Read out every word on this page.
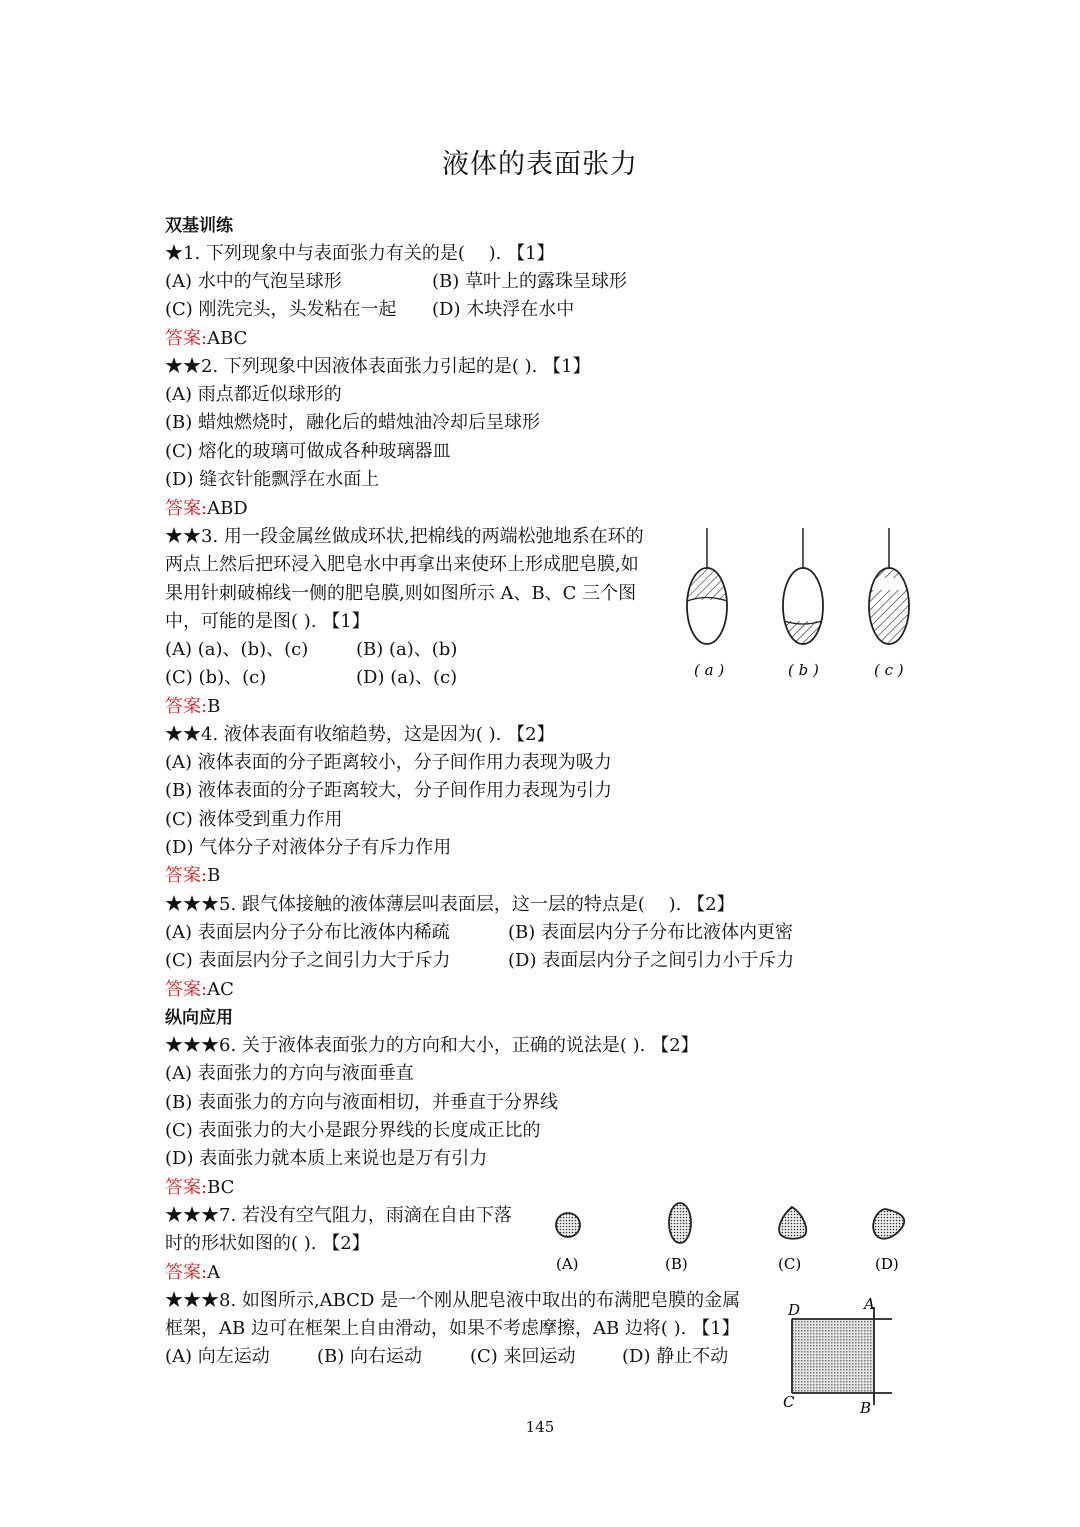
液体的表面张力
双基训练
★1. 下列现象中与表面张力有关的是(　 ). 【1】
(A) 水中的气泡呈球形	(B) 草叶上的露珠呈球形
(C) 刚洗完头，头发粘在一起 (D) 木块浮在水中
答案:ABC
★★2. 下列现象中因液体表面张力引起的是( ). 【1】
(A) 雨点都近似球形的
(B) 蜡烛燃烧时，融化后的蜡烛油冷却后呈球形
(C) 熔化的玻璃可做成各种玻璃器皿
(D) 缝衣针能飘浮在水面上
答案:ABD
★★3. 用一段金属丝做成环状,把棉线的两端松弛地系在环的
两点上然后把环浸入肥皂水中再拿出来使环上形成肥皂膜,如
果用针刺破棉线一侧的肥皂膜,则如图所示 A、B、C 三个图
中，可能的是图( ). 【1】
(A) (a)、(b)、(c)	(B) (a)、(b)
(C) (b)、(c)	(D) (a)、(c)
答案:B
( a )	( b )	( c )
★★4. 液体表面有收缩趋势，这是因为( ). 【2】
(A) 液体表面的分子距离较小，分子间作用力表现为吸力
(B) 液体表面的分子距离较大，分子间作用力表现为引力
(C) 液体受到重力作用
(D) 气体分子对液体分子有斥力作用
答案:B
★★★5. 跟气体接触的液体薄层叫表面层，这一层的特点是(　 ). 【2】
(A) 表面层内分子分布比液体内稀疏	(B) 表面层内分子分布比液体内更密
(C) 表面层内分子之间引力大于斥力	(D) 表面层内分子之间引力小于斥力
答案:AC
纵向应用
★★★6. 关于液体表面张力的方向和大小，正确的说法是( ). 【2】
(A) 表面张力的方向与液面垂直
(B) 表面张力的方向与液面相切，并垂直于分界线
(C) 表面张力的大小是跟分界线的长度成正比的
(D) 表面张力就本质上来说也是万有引力
答案:BC
★★★7. 若没有空气阻力，雨滴在自由下落
时的形状如图的( ). 【2】
答案:A	(A)	(B)	(C)	(D)
★★★8. 如图所示,ABCD 是一个刚从肥皂液中取出的布满肥皂膜的金属
框架，AB 边可在框架上自由滑动，如果不考虑摩擦，AB 边将( ). 【1】
(A) 向左运动	(B) 向右运动	(C) 来回运动	(D) 静止不动
D	A
C	B
145
